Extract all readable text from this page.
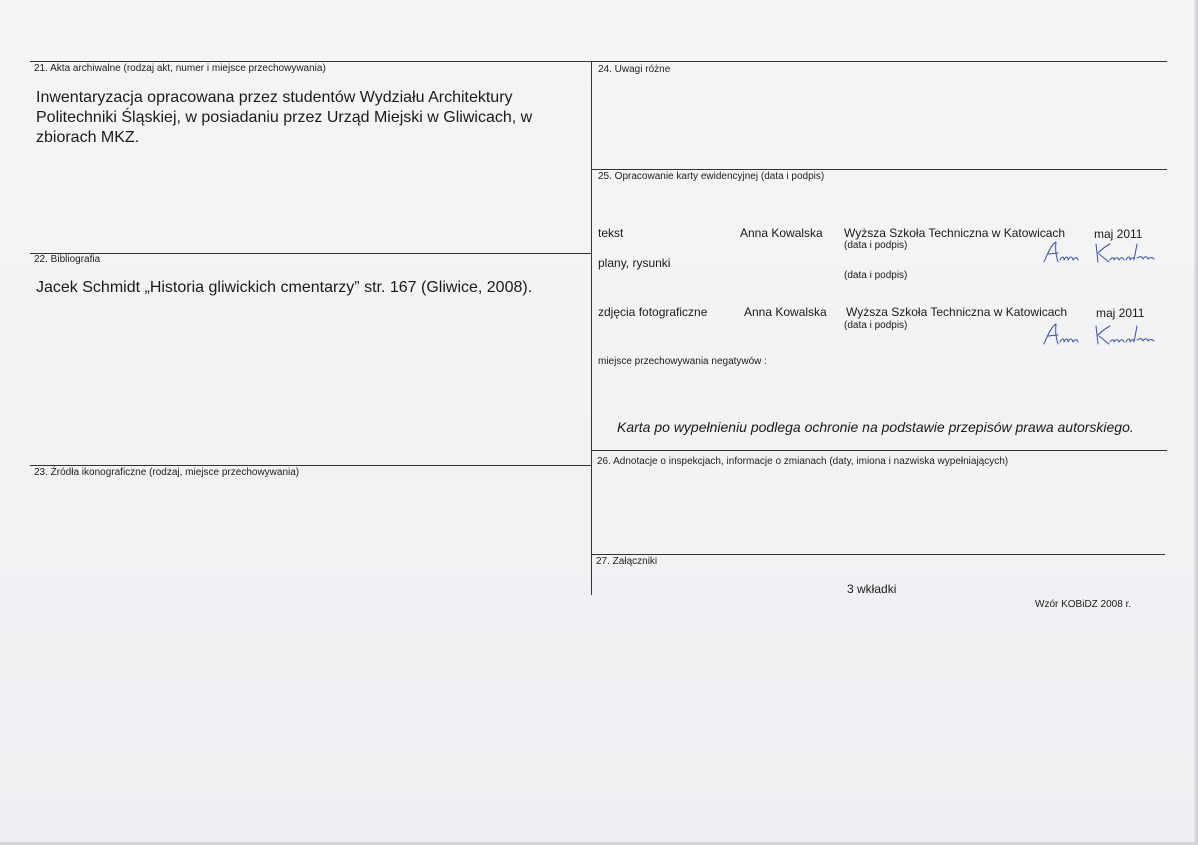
21. Akta archiwalne (rodzaj akt, numer i miejsce przechowywania)
Inwentaryzacja opracowana przez studentów Wydziału Architektury Politechniki Śląskiej, w posiadaniu przez Urząd Miejski w Gliwicach, w zbiorach MKZ.
22. Bibliografia
Jacek Schmidt „Historia gliwickich cmentarzy” str. 167 (Gliwice, 2008).
23. Źródła ikonograficzne (rodzaj, miejsce przechowywania)
24. Uwagi różne
25. Opracowanie karty ewidencyjnej (data i podpis)
tekst	Anna Kowalska Wyższa Szkoła Techniczna w Katowicach maj 2011
(data i podpis)
plany, rysunki
(data i podpis)
zdjęcia fotograficzne	Anna Kowalska Wyższa Szkoła Techniczna w Katowicach maj 2011
(data i podpis)
miejsce przechowywania negatywów :
Karta po wypełnieniu podlega ochronie na podstawie przepisów prawa autorskiego.
26. Adnotacje o inspekcjach, informacje o zmianach (daty, imiona i nazwiska wypełniających)
27. Załączniki
3 wkładki
Wzór KOBiDZ 2008 r.
